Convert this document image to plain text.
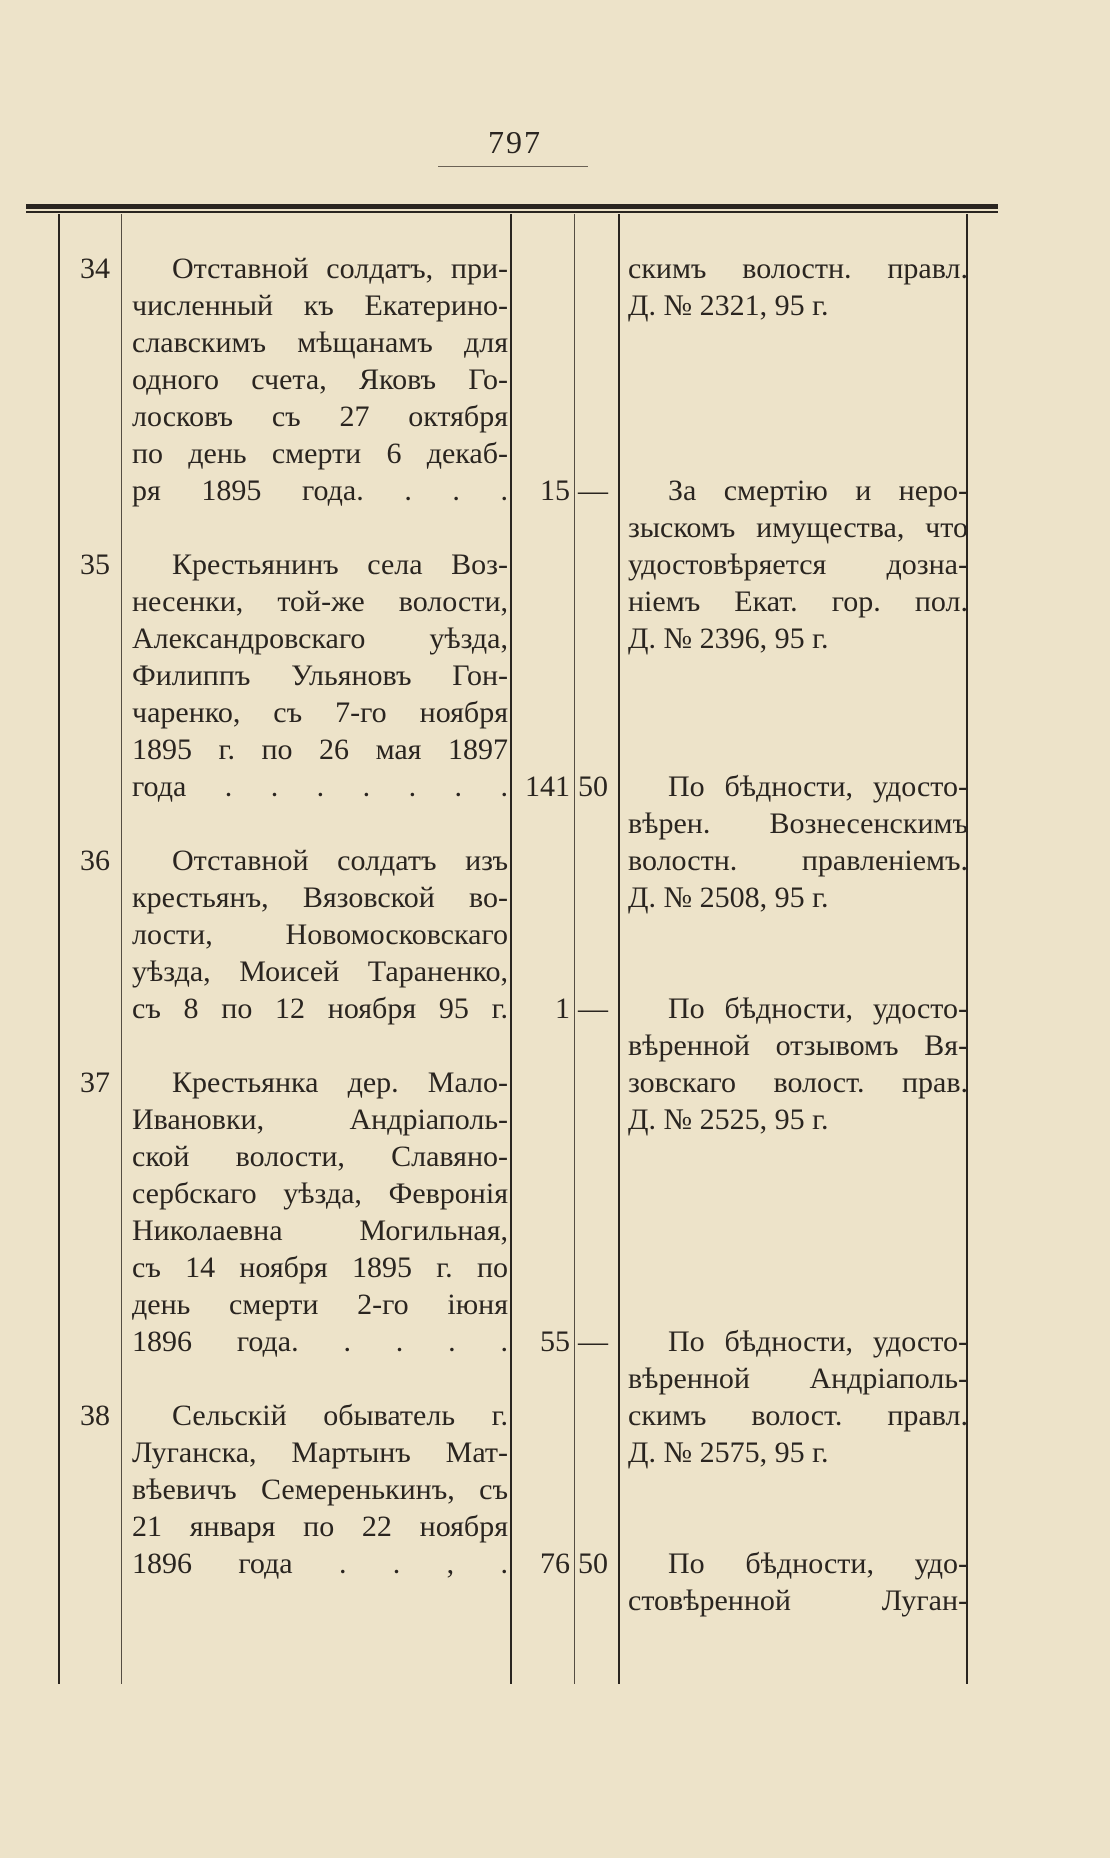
797
скимъ волостн. правл.
Д. № 2321, 95 г.
34	Отставной солдатъ, при-
численный къ Екатерино-
славскимъ мѣщанамъ для
одного счета, Яковъ Го-
лосковъ съ 27 октября
по день смерти 6 декаб-
ря 1895 года. . . .	15 —	За смертію и неро-
зыскомъ имущества, что
удостовѣряется дозна-
ніемъ Екат. гор. пол.
Д. № 2396, 95 г.
35	Крестьянинъ села Воз-
несенки, той-же волости,
Александровскаго уѣзда,
Филиппъ Ульяновъ Гон-
чаренко, съ 7-го ноября
1895 г. по 26 мая 1897
года . . . . . . . 141 50	По бѣдности, удосто-
вѣрен. Вознесенскимъ
волостн. правленіемъ.
Д. № 2508, 95 г.
36	Отставной солдатъ изъ
крестьянъ, Вязовской во-
лости, Новомосковскаго
уѣзда, Моисей Тараненко,
съ 8 по 12 ноября 95 г.	1 —	По бѣдности, удосто-
вѣренной отзывомъ Вя-
зовскаго волост. прав.
Д. № 2525, 95 г.
37	Крестьянка дер. Мало-
Ивановки, Андріаполь-
ской волости, Славяно-
сербскаго уѣзда, Февронія
Николаевна Могильная,
съ 14 ноября 1895 г. по
день смерти 2-го іюня
1896 года. . . . .	55 —	По бѣдности, удосто-
вѣренной Андріаполь-
скимъ волост. правл.
Д. № 2575, 95 г.
38	Сельскій обыватель г.
Луганска, Мартынъ Мат-
вѣевичъ Семеренькинъ, съ
21 января по 22 ноября
1896 года . . , .	76 50	По бѣдности, удо-
стовѣренной Луган-
